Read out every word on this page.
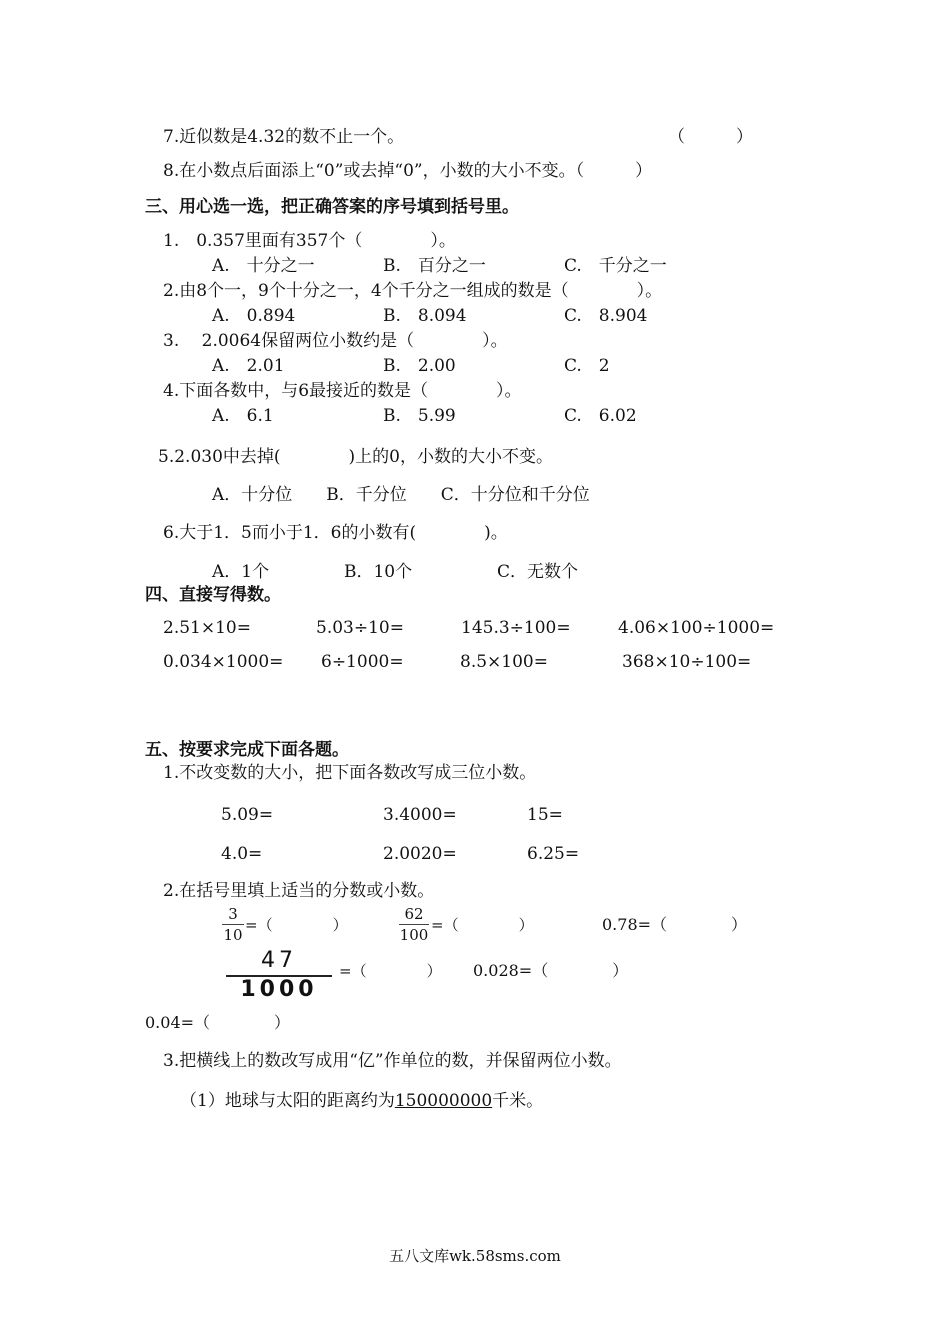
7.近似数是4.32的数不止一个。	（　　　）
8.在小数点后面添上“0”或去掉“0”，小数的大小不变。（　　　）
三、用心选一选，把正确答案的序号填到括号里。
1.　0.357里面有357个（　　　　）。
A.　十分之一	B.　百分之一	C.　千分之一
2.由8个一，9个十分之一，4个千分之一组成的数是（　　　　）。
A.　0.894	B.　8.094	C.　8.904
3.　 2.0064保留两位小数约是（　　　　）。
A.　2.01	B.　2.00	C.　2
4.下面各数中，与6最接近的数是（　　　　）。
A.　6.1	B.　5.99	C.　6.02
5.2.030中去掉(　　　　)上的0，小数的大小不变。
A．十分位　　B．千分位　　C．十分位和千分位
6.大于1．5而小于1．6的小数有(　　　　)。
A．1个	B．10个	C．无数个
四、直接写得数。
2.51×10=	5.03÷10=	145.3÷100=	4.06×100÷1000=
0.034×1000= 6÷1000=	8.5×100=	368×10÷100=
五、按要求完成下面各题。
1.不改变数的大小，把下面各数改写成三位小数。
5.09=	3.4000=	15=
4.0=	2.0020=	6.25=
2.在括号里填上适当的分数或小数。
3
10
=（　　　　）
62
100
=（　　　　）	0.78=（　　　　）
47
1000
=（　　　　） 0.028=（　　　　）
0.04=（　　　　）
3.把横线上的数改写成用“亿”作单位的数，并保留两位小数。
（1）地球与太阳的距离约为150000000千米。
五八文库wk.58sms.com
